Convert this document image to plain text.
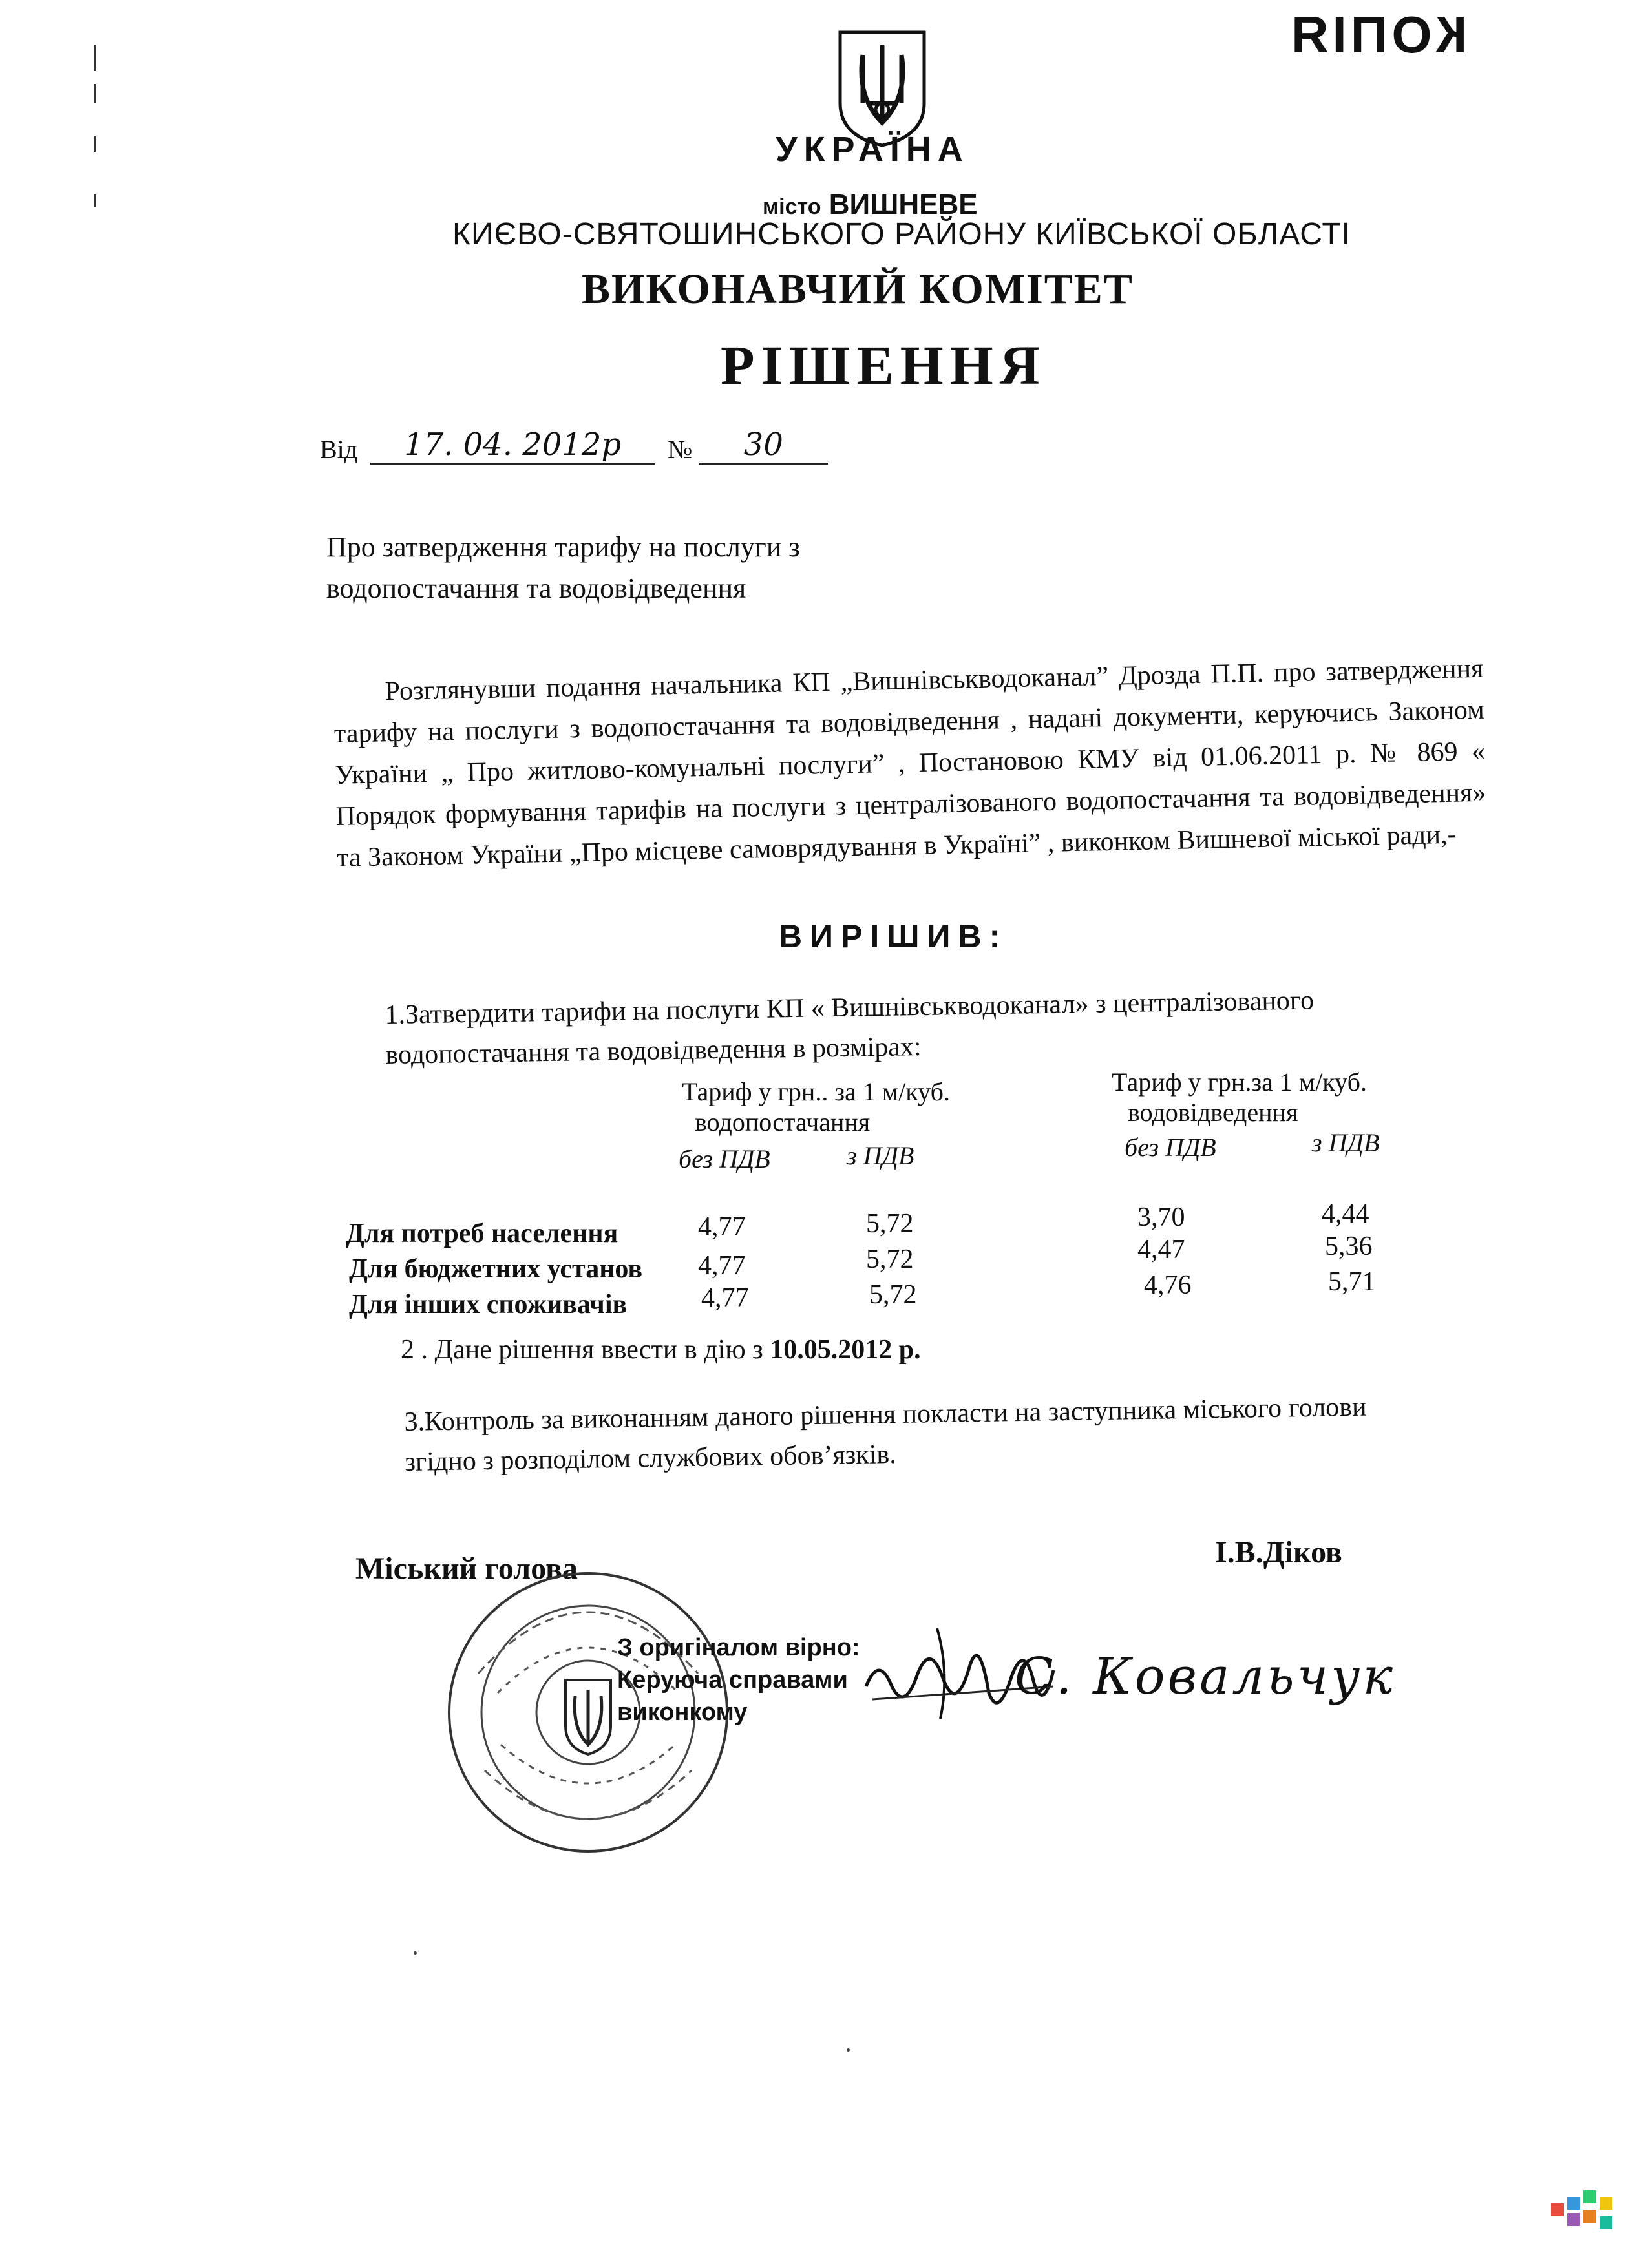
КОПІЯ
УКРАЇНА
місто ВИШНЕВЕ
КИЄВО-СВЯТОШИНСЬКОГО РАЙОНУ КИЇВСЬКОЇ ОБЛАСТІ
ВИКОНАВЧИЙ КОМІТЕТ
РІШЕННЯ
Від	17. 04. 2012р	№	30
Про затвердження тарифу на послуги з
водопостачання та водовідведення

Розглянувши подання начальника КП „Вишнівськводоканал” Дрозда П.П. про затвердження тарифу на послуги з водопостачання та водовідведення , надані документи, керуючись Законом України „ Про житлово-комунальні послуги” , Постановою КМУ від 01.06.2011 р. № 869 « Порядок формування тарифів на послуги з централізованого водопостачання та водовідведення» та Законом України „Про місцеве самоврядування в Україні” , виконком Вишневої міської ради,-

ВИРІШИВ:
1.Затвердити тарифи на послуги КП « Вишнівськводоканал» з централізованого водопостачання та водовідведення в розмірах:
Тариф у грн.. за 1 м/куб.
водопостачання
Тариф у грн.за 1 м/куб.
водовідведення
без ПДВ	з ПДВ	без ПДВ	з ПДВ
Для потреб населення	4,77	5,72	3,70	4,44
Для бюджетних установ 4,77	5,72	4,47	5,36
Для інших споживачів	4,77	5,72	4,76	5,71
2 . Дане рішення ввести в дію з 10.05.2012 р.
3.Контроль за виконанням даного рішення покласти на заступника міського голови згідно з розподілом службових обов’язків.
Міський голова	І.В.Діков
З оригіналом вірно:
Керуюча справами
виконкому
С. Ковальчук
